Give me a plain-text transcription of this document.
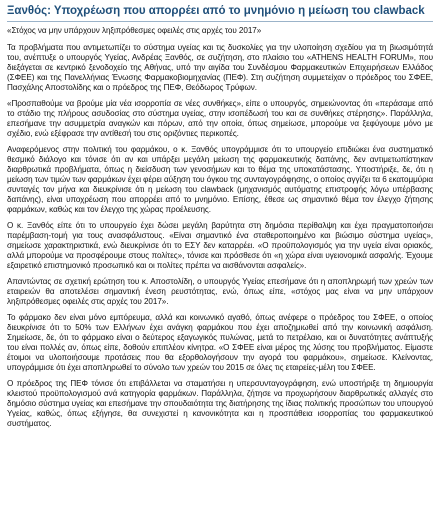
Ξανθός: Υποχρέωση που απορρέει από το μνημόνιο η μείωση του clawback

«Στόχος να μην υπάρχουν ληξιπρόθεσμες οφειλές στις αρχές του 2017»

Τα προβλήματα που αντιμετωπίζει το σύστημα υγείας και τις δυσκολίες για την υλοποίηση σχεδίου για τη βιωσιμότητά του, ανέπτυξε ο υπουργός Υγείας, Ανδρέας Ξανθός, σε συζήτηση, στο πλαίσιο του «ATHENS HEALTH FORUM», που διεξάγεται σε κεντρικό ξενοδοχείο της Αθήνας, υπό την αιγίδα του Συνδέσμου Φαρμακευτικών Επιχειρήσεων Ελλάδος (ΣΦΕΕ) και της Πανελλήνιας Ένωσης Φαρμακοβιομηχανίας (ΠΕΦ). Στη συζήτηση συμμετείχαν ο πρόεδρος του ΣΦΕΕ, Πασχάλης Αποστολίδης και ο πρόεδρος της ΠΕΦ, Θεόδωρος Τρύφων.

«Προσπαθούμε να βρούμε μία νέα ισορροπία σε νέες συνθήκες», είπε ο υπουργός, σημειώνοντας ότι «περάσαμε από το στάδιο της πλήρους ασυδοσίας στο σύστημα υγείας, στην ισοπέδωσή του και σε συνθήκες στέρησης». Παράλληλα, επεσήμανε την ασυμμετρία αναγκών και πόρων, από την οποία, όπως σημείωσε, μπορούμε να ξεφύγουμε μόνο με σχέδιο, ενώ εξέφρασε την αντίθεσή του στις οριζόντιες περικοπές.

Αναφερόμενος στην πολιτική του φαρμάκου, ο κ. Ξανθός υπογράμμισε ότι το υπουργείο επιδιώκει ένα συστηματικό θεσμικό διάλογο και τόνισε ότι αν και υπάρξει μεγάλη μείωση της φαρμακευτικής δαπάνης, δεν αντιμετωπίστηκαν διαρθρωτικά προβλήματα, όπως η διείσδυση των γενοσήμων και το θέμα της υποκατάστασης. Υποστήριξε, δε, ότι η μείωση των τιμών των φαρμάκων έχει φέρει αύξηση του όγκου της συνταγογράφησης, ο οποίος αγγίζει τα 6 εκατομμύρια συνταγές τον μήνα και διευκρίνισε ότι η μείωση του clawback (μηχανισμός αυτόματης επιστροφής λόγω υπέρβασης δαπάνης), είναι υποχρέωση που απορρέει από το μνημόνιο. Επίσης, έθεσε ως σημαντικό θέμα τον έλεγχο ζήτησης φαρμάκων, καθώς και τον έλεγχο της χώρας προέλευσης.

Ο κ. Ξανθός είπε ότι το υπουργείο έχει δώσει μεγάλη βαρύτητα στη δημόσια περίθαλψη και έχει πραγματοποιήσει παρέμβαση-τομή για τους ανασφάλιστους. «Είναι σημαντικό ένα σταθεροποιημένο και βιώσιμο σύστημα υγείας», σημείωσε χαρακτηριστικά, ενώ διευκρίνισε ότι το ΕΣΥ δεν καταρρέει. «Ο προϋπολογισμός για την υγεία είναι οριακός, αλλά μπορούμε να προσφέρουμε στους πολίτες», τόνισε και πρόσθεσε ότι «η χώρα είναι υγειονομικά ασφαλής. Έχουμε εξαιρετικό επιστημονικό προσωπικό και οι πολίτες πρέπει να αισθάνονται ασφαλείς».

Απαντώντας σε σχετική ερώτηση του κ. Αποστολίδη, ο υπουργός Υγείας επεσήμανε ότι η αποπληρωμή των χρεών των εταιρειών θα αποτελέσει σημαντική ένεση ρευστότητας, ενώ, όπως είπε, «στόχος μας είναι να μην υπάρχουν ληξιπρόθεσμες οφειλές στις αρχές του 2017».

Το φάρμακο δεν είναι μόνο εμπόρευμα, αλλά και κοινωνικό αγαθό, όπως ανέφερε ο πρόεδρος του ΣΦΕΕ, ο οποίος διευκρίνισε ότι το 50% των Ελλήνων έχει ανάγκη φαρμάκου που έχει αποζημιωθεί από την κοινωνική ασφάλιση. Σημείωσε, δε, ότι το φάρμακο είναι ο δεύτερος εξαγωγικός πυλώνας, μετά το πετρέλαιο, και οι δυνατότητες ανάπτυξής του είναι πολλές αν, όπως είπε, δοθούν επιπλέον κίνητρα. «Ο ΣΦΕΕ είναι μέρος της λύσης του προβλήματος. Είμαστε έτοιμοι να υλοποιήσουμε προτάσεις που θα εξορθολογήσουν την αγορά του φαρμάκου», σημείωσε. Κλείνοντας, υπογράμμισε ότι έχει αποπληρωθεί το σύνολο των χρεών του 2015 σε όλες τις εταιρείες-μέλη του ΣΦΕΕ.

Ο πρόεδρος της ΠΕΦ τόνισε ότι επιβάλλεται να σταματήσει η υπερσυνταγογράφηση, ενώ υποστήριξε τη δημιουργία κλειστού προϋπολογισμού ανά κατηγορία φαρμάκων. Παράλληλα, ζήτησε να προχωρήσουν διαρθρωτικές αλλαγές στο δημόσιο σύστημα υγείας και επεσήμανε την σπουδαιότητα της διατήρησης της ίδιας πολιτικής προσώπων του υπουργού Υγείας, καθώς, όπως εξήγησε, θα συνεχιστεί η κανονικότητα και η προσπάθεια ισορροπίας του φαρμακευτικού συστήματος.
